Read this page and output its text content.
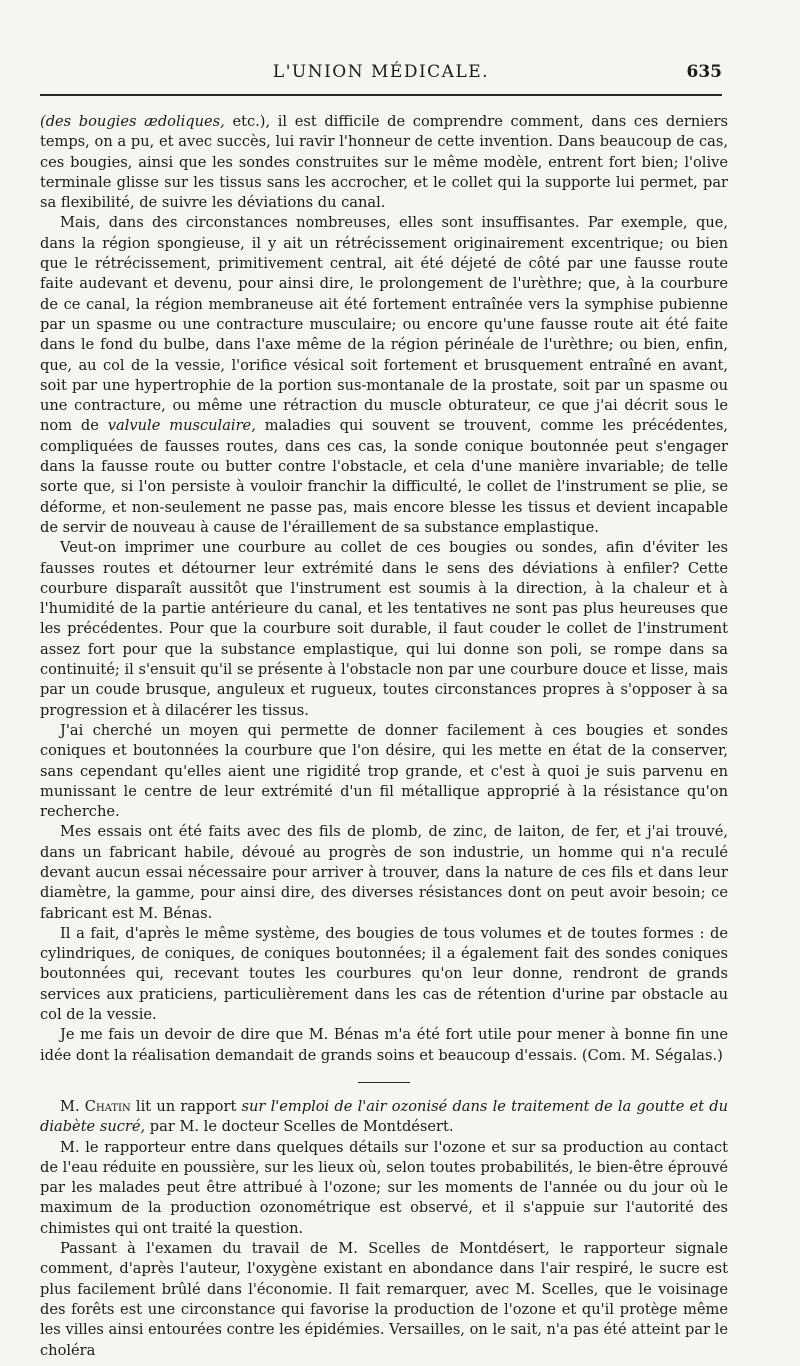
L'UNION MÉDICALE.	635

(des bougies ædoliques, etc.), il est difficile de comprendre comment, dans ces derniers temps, on a pu, et avec succès, lui ravir l'honneur de cette invention. Dans beaucoup de cas, ces bougies, ainsi que les sondes construites sur le même modèle, entrent fort bien; l'olive terminale glisse sur les tissus sans les accrocher, et le collet qui la supporte lui permet, par sa flexibilité, de suivre les déviations du canal.

Mais, dans des circonstances nombreuses, elles sont insuffisantes. Par exemple, que, dans la région spongieuse, il y ait un rétrécissement originairement excentrique; ou bien que le rétrécissement, primitivement central, ait été déjeté de côté par une fausse route faite audevant et devenu, pour ainsi dire, le prolongement de l'urèthre; que, à la courbure de ce canal, la région membraneuse ait été fortement entraînée vers la symphise pubienne par un spasme ou une contracture musculaire; ou encore qu'une fausse route ait été faite dans le fond du bulbe, dans l'axe même de la région périnéale de l'urèthre; ou bien, enfin, que, au col de la vessie, l'orifice vésical soit fortement et brusquement entraîné en avant, soit par une hypertrophie de la portion sus-montanale de la prostate, soit par un spasme ou une contracture, ou même une rétraction du muscle obturateur, ce que j'ai décrit sous le nom de valvule musculaire, maladies qui souvent se trouvent, comme les précédentes, compliquées de fausses routes, dans ces cas, la sonde conique boutonnée peut s'engager dans la fausse route ou butter contre l'obstacle, et cela d'une manière invariable; de telle sorte que, si l'on persiste à vouloir franchir la difficulté, le collet de l'instrument se plie, se déforme, et non-seulement ne passe pas, mais encore blesse les tissus et devient incapable de servir de nouveau à cause de l'éraillement de sa substance emplastique.

Veut-on imprimer une courbure au collet de ces bougies ou sondes, afin d'éviter les fausses routes et détourner leur extrémité dans le sens des déviations à enfiler? Cette courbure disparaît aussitôt que l'instrument est soumis à la direction, à la chaleur et à l'humidité de la partie antérieure du canal, et les tentatives ne sont pas plus heureuses que les précédentes. Pour que la courbure soit durable, il faut couder le collet de l'instrument assez fort pour que la substance emplastique, qui lui donne son poli, se rompe dans sa continuité; il s'ensuit qu'il se présente à l'obstacle non par une courbure douce et lisse, mais par un coude brusque, anguleux et rugueux, toutes circonstances propres à s'opposer à sa progression et à dilacérer les tissus.

J'ai cherché un moyen qui permette de donner facilement à ces bougies et sondes coniques et boutonnées la courbure que l'on désire, qui les mette en état de la conserver, sans cependant qu'elles aient une rigidité trop grande, et c'est à quoi je suis parvenu en munissant le centre de leur extrémité d'un fil métallique approprié à la résistance qu'on recherche.

Mes essais ont été faits avec des fils de plomb, de zinc, de laiton, de fer, et j'ai trouvé, dans un fabricant habile, dévoué au progrès de son industrie, un homme qui n'a reculé devant aucun essai nécessaire pour arriver à trouver, dans la nature de ces fils et dans leur diamètre, la gamme, pour ainsi dire, des diverses résistances dont on peut avoir besoin; ce fabricant est M. Bénas.

Il a fait, d'après le même système, des bougies de tous volumes et de toutes formes : de cylindriques, de coniques, de coniques boutonnées; il a également fait des sondes coniques boutonnées qui, recevant toutes les courbures qu'on leur donne, rendront de grands services aux praticiens, particulièrement dans les cas de rétention d'urine par obstacle au col de la vessie.

Je me fais un devoir de dire que M. Bénas m'a été fort utile pour mener à bonne fin une idée dont la réalisation demandait de grands soins et beaucoup d'essais. (Com. M. Ségalas.)

M. Chatin lit un rapport sur l'emploi de l'air ozonisé dans le traitement de la goutte et du diabète sucré, par M. le docteur Scelles de Montdésert.

M. le rapporteur entre dans quelques détails sur l'ozone et sur sa production au contact de l'eau réduite en poussière, sur les lieux où, selon toutes probabilités, le bien-être éprouvé par les malades peut être attribué à l'ozone; sur les moments de l'année ou du jour où le maximum de la production ozonométrique est observé, et il s'appuie sur l'autorité des chimistes qui ont traité la question.

Passant à l'examen du travail de M. Scelles de Montdésert, le rapporteur signale comment, d'après l'auteur, l'oxygène existant en abondance dans l'air respiré, le sucre est plus facilement brûlé dans l'économie. Il fait remarquer, avec M. Scelles, que le voisinage des forêts est une circonstance qui favorise la production de l'ozone et qu'il protège même les villes ainsi entourées contre les épidémies. Versailles, on le sait, n'a pas été atteint par le choléra
